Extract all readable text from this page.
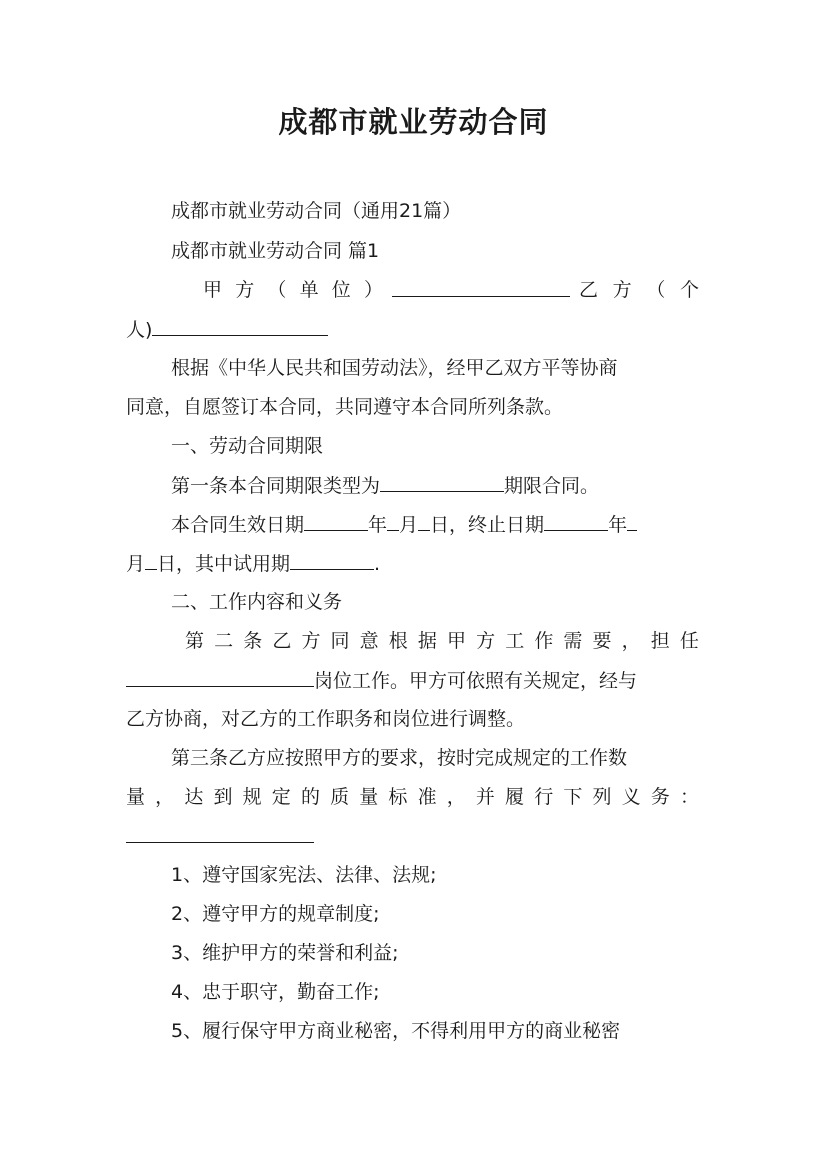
成都市就业劳动合同
成都市就业劳动合同（通用21篇）
成都市就业劳动合同 篇1
甲 方 （ 单 位 ）	乙 方 （ 个
人)
根据《中华人民共和国劳动法》，经甲乙双方平等协商
同意，自愿签订本合同，共同遵守本合同所列条款。
一、劳动合同期限
第一条本合同期限类型为	期限合同。
本合同生效日期	年 月 日，终止日期	年
月 日，其中试用期	.
二、工作内容和义务
第 二 条 乙 方 同 意 根 据 甲 方 工 作 需 要 ， 担 任
岗位工作。甲方可依照有关规定，经与
乙方协商，对乙方的工作职务和岗位进行调整。
第三条乙方应按照甲方的要求，按时完成规定的工作数
量 ， 达 到 规 定 的 质 量 标 准 ， 并 履 行 下 列 义 务 ：
1、遵守国家宪法、法律、法规;
2、遵守甲方的规章制度;
3、维护甲方的荣誉和利益;
4、忠于职守，勤奋工作;
5、履行保守甲方商业秘密，不得利用甲方的商业秘密
